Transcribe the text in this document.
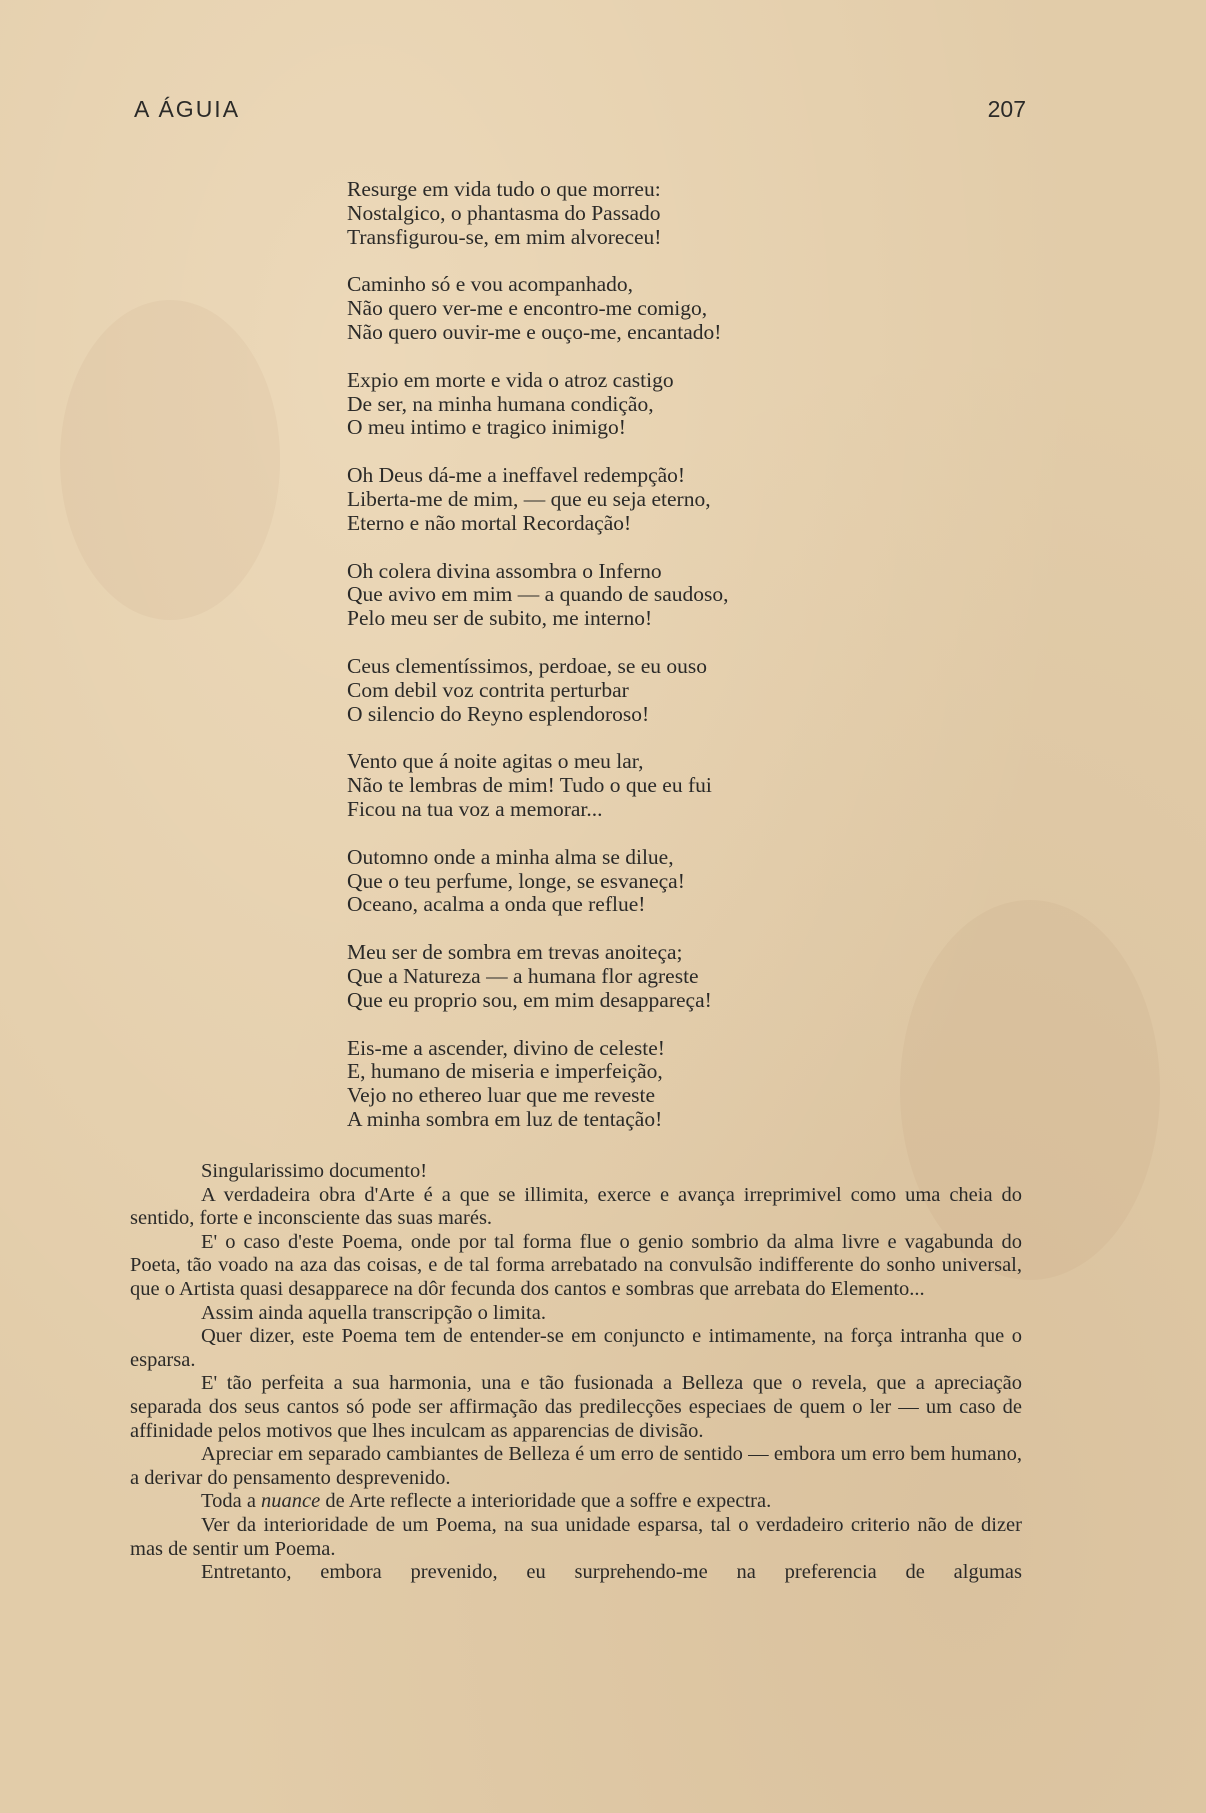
A ÁGUIA	207
Resurge em vida tudo o que morreu:
Nostalgico, o phantasma do Passado
Transfigurou-se, em mim alvoreceu!
Caminho só e vou acompanhado,
Não quero ver-me e encontro-me comigo,
Não quero ouvir-me e ouço-me, encantado!
Expio em morte e vida o atroz castigo
De ser, na minha humana condição,
O meu intimo e tragico inimigo!
Oh Deus dá-me a ineffavel redempção!
Liberta-me de mim, — que eu seja eterno,
Eterno e não mortal Recordação!
Oh colera divina assombra o Inferno
Que avivo em mim — a quando de saudoso,
Pelo meu ser de subito, me interno!
Ceus clementíssimos, perdoae, se eu ouso
Com debil voz contrita perturbar
O silencio do Reyno esplendoroso!
Vento que á noite agitas o meu lar,
Não te lembras de mim! Tudo o que eu fui
Ficou na tua voz a memorar...
Outomno onde a minha alma se dilue,
Que o teu perfume, longe, se esvaneça!
Oceano, acalma a onda que reflue!
Meu ser de sombra em trevas anoiteça;
Que a Natureza — a humana flor agreste
Que eu proprio sou, em mim desappareça!
Eis-me a ascender, divino de celeste!
E, humano de miseria e imperfeição,
Vejo no ethereo luar que me reveste
A minha sombra em luz de tentação!

Singularissimo documento!

A verdadeira obra d'Arte é a que se illimita, exerce e avança irreprimivel como uma cheia do sentido, forte e inconsciente das suas marés.

E' o caso d'este Poema, onde por tal forma flue o genio sombrio da alma livre e vagabunda do Poeta, tão voado na aza das coisas, e de tal forma arrebatado na convulsão indifferente do sonho universal, que o Artista quasi desapparece na dôr fecunda dos cantos e sombras que arrebata do Elemento...

Assim ainda aquella transcripção o limita.

Quer dizer, este Poema tem de entender-se em conjuncto e intimamente, na força intranha que o esparsa.

E' tão perfeita a sua harmonia, una e tão fusionada a Belleza que o revela, que a apreciação separada dos seus cantos só pode ser affirmação das predilecções especiaes de quem o ler — um caso de affinidade pelos motivos que lhes inculcam as apparencias de divisão.

Apreciar em separado cambiantes de Belleza é um erro de sentido — embora um erro bem humano, a derivar do pensamento desprevenido.

Toda a nuance de Arte reflecte a interioridade que a soffre e expectra.

Ver da interioridade de um Poema, na sua unidade esparsa, tal o verdadeiro criterio não de dizer mas de sentir um Poema.

Entretanto, embora prevenido, eu surprehendo-me na preferencia de algumas
